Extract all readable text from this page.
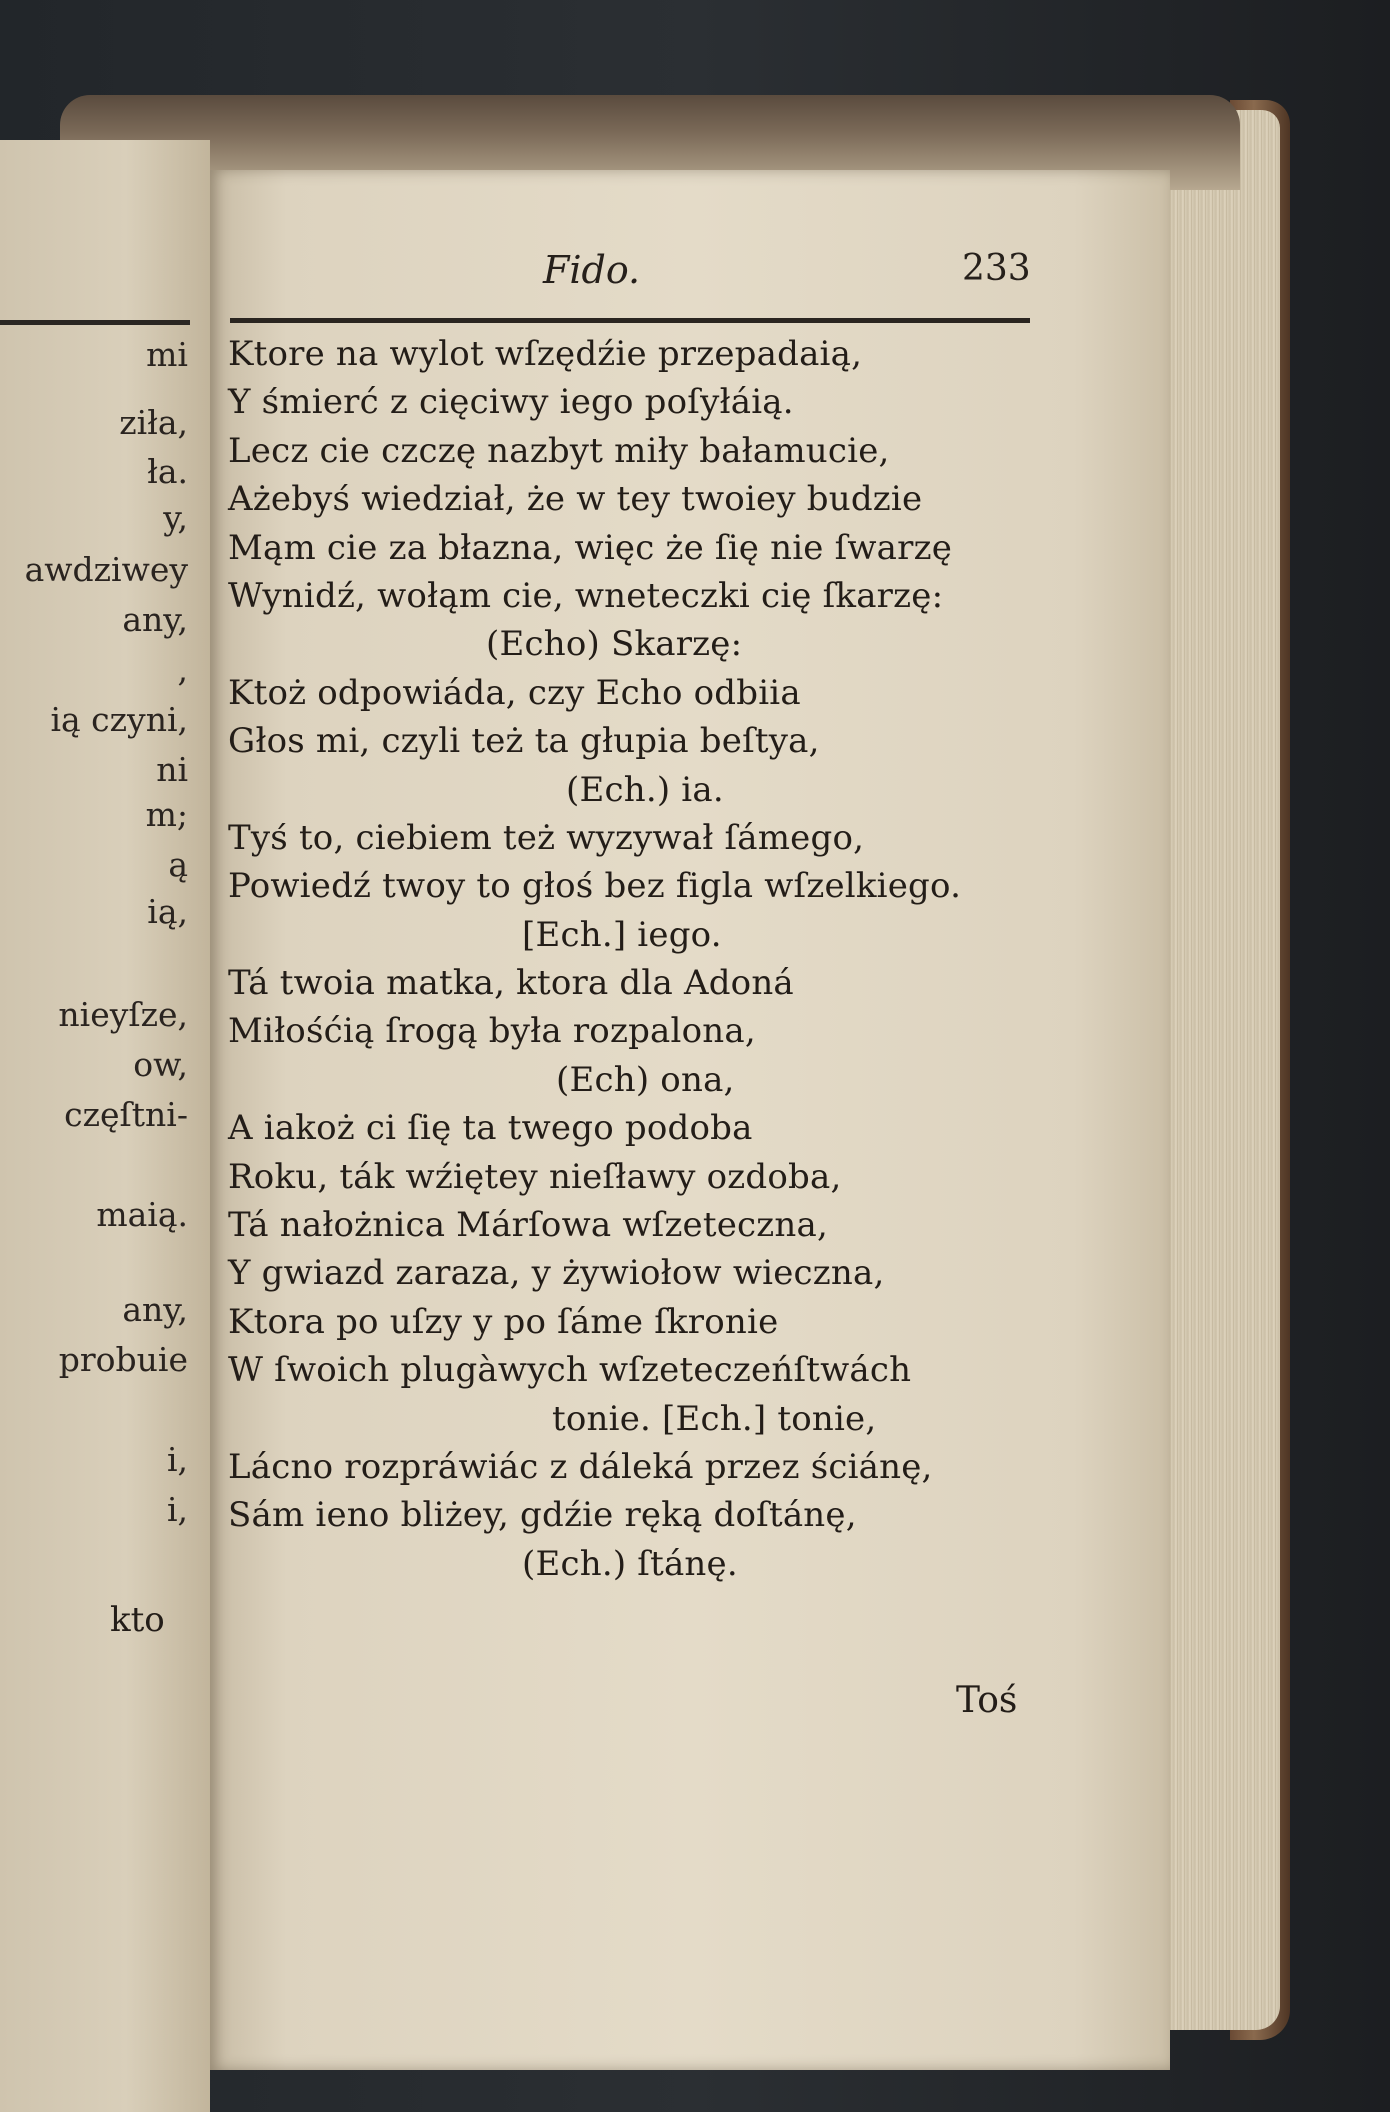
mi
ziła,
ła.
y,
awdziwey
any,
,
ią czyni,
ni
m;
ą
ią,
nieyſze,
ow,
częſtni-
maią.
any,
probuie
i,
i,
kto
Fido.	233
Ktore na wylot wſzędźie przepadaią,
Y śmierć z cięciwy iego poſyłáią.
Lecz cie czczę nazbyt miły bałamucie,
Ażebyś wiedział, że w tey twoiey budzie
Mąm cie za błazna, więc że ſię nie ſwarzę
Wynidź, wołąm cie, wneteczki cię ſkarzę:
(Echo) Skarzę:
Ktoż odpowiáda, czy Echo odbiia
Głos mi, czyli też ta głupia beſtya,
(Ech.) ia.
Tyś to, ciebiem też wyzywał ſámego,
Powiedź twoy to głoś bez figla wſzelkiego.
[Ech.] iego.
Tá twoia matka, ktora dla Adoná
Miłośćią ſrogą była rozpalona,
(Ech) ona,
A iakoż ci ſię ta twego podoba
Roku, ták wźiętey nieſławy ozdoba,
Tá nałożnica Márſowa wſzeteczna,
Y gwiazd zaraza, y żywiołow wieczna,
Ktora po uſzy y po ſáme ſkronie
W ſwoich plugàwych wſzeteczeńſtwách
tonie. [Ech.] tonie,
Lácno rozpráwiác z dáleká przez ściánę,
Sám ieno bliżey, gdźie ręką doſtánę,
(Ech.) ſtánę.
Toś
